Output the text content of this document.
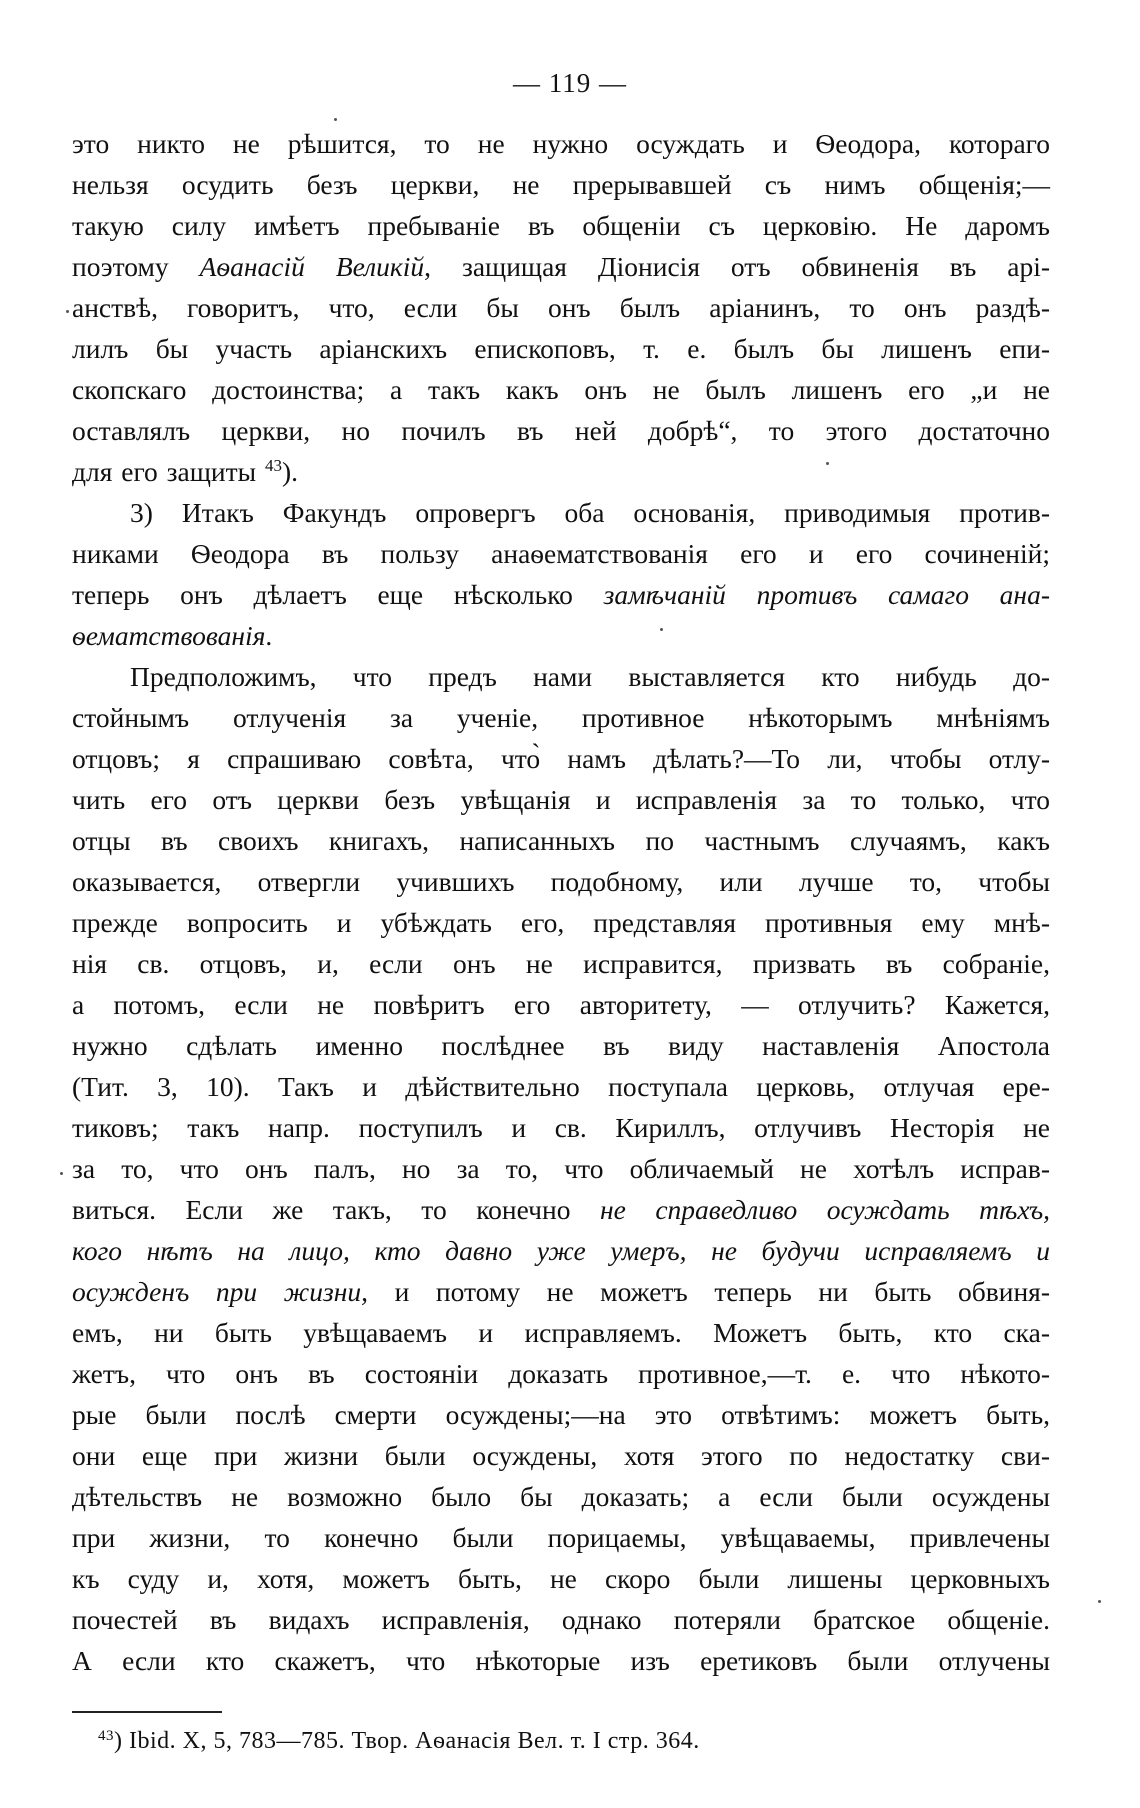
— 119 —
это никто не рѣшится, то не нужно осуждать и Ѳеодора, котораго
нельзя осудить безъ церкви, не прерывавшей съ нимъ общенія;—
такую силу имѣетъ пребываніе въ общеніи съ церковію. Не даромъ
поэтому Аѳанасій Великій, защищая Діонисія отъ обвиненія въ арі-
анствѣ, говоритъ, что, если бы онъ былъ аріанинъ, то онъ раздѣ-
лилъ бы участь аріанскихъ епископовъ, т. е. былъ бы лишенъ епи-
скопскаго достоинства; а такъ какъ онъ не былъ лишенъ его „и не
оставлялъ церкви, но почилъ въ ней добрѣ“, то этого достаточно
для его защиты $^{43}$).
3) Итакъ Факундъ опровергъ оба основанія, приводимыя против-
никами Ѳеодора въ пользу анаѳематствованія его и его сочиненій;
теперь онъ дѣлаетъ еще нѣсколько замѣчаній противъ самаго ана-
ѳематствованія.
Предположимъ, что предъ нами выставляется кто нибудь до-
стойнымъ отлученія за ученіе, противное нѣкоторымъ мнѣніямъ
отцовъ; я спрашиваю совѣта, что̀ намъ дѣлать?—То ли, чтобы отлу-
чить его отъ церкви безъ увѣщанія и исправленія за то только, что
отцы въ своихъ книгахъ, написанныхъ по частнымъ случаямъ, какъ
оказывается, отвергли учившихъ подобному, или лучше то, чтобы
прежде вопросить и убѣждать его, представляя противныя ему мнѣ-
нія св. отцовъ, и, если онъ не исправится, призвать въ собраніе,
а потомъ, если не повѣритъ его авторитету, — отлучить? Кажется,
нужно сдѣлать именно послѣднее въ виду наставленія Апостола
(Тит. 3, 10). Такъ и дѣйствительно поступала церковь, отлучая ере-
тиковъ; такъ напр. поступилъ и св. Кириллъ, отлучивъ Несторія не
за то, что онъ палъ, но за то, что обличаемый не хотѣлъ исправ-
виться. Если же такъ, то конечно не справедливо осуждать тѣхъ,
кого нѣтъ на лицо, кто давно уже умеръ, не будучи исправляемъ и
осужденъ при жизни, и потому не можетъ теперь ни быть обвиня-
емъ, ни быть увѣщаваемъ и исправляемъ. Можетъ быть, кто ска-
жетъ, что онъ въ состояніи доказать противное,—т. е. что нѣкото-
рые были послѣ смерти осуждены;—на это отвѣтимъ: можетъ быть,
они еще при жизни были осуждены, хотя этого по недостатку сви-
дѣтельствъ не возможно было бы доказать; а если были осуждены
при жизни, то конечно были порицаемы, увѣщаваемы, привлечены
къ суду и, хотя, можетъ быть, не скоро были лишены церковныхъ
почестей въ видахъ исправленія, однако потеряли братское общеніе.
А если кто скажетъ, что нѣкоторые изъ еретиковъ были отлучены
$^{43}$) Ibid. X, 5, 783—785. Твор. Аѳанасія Вел. т. I стр. 364.
